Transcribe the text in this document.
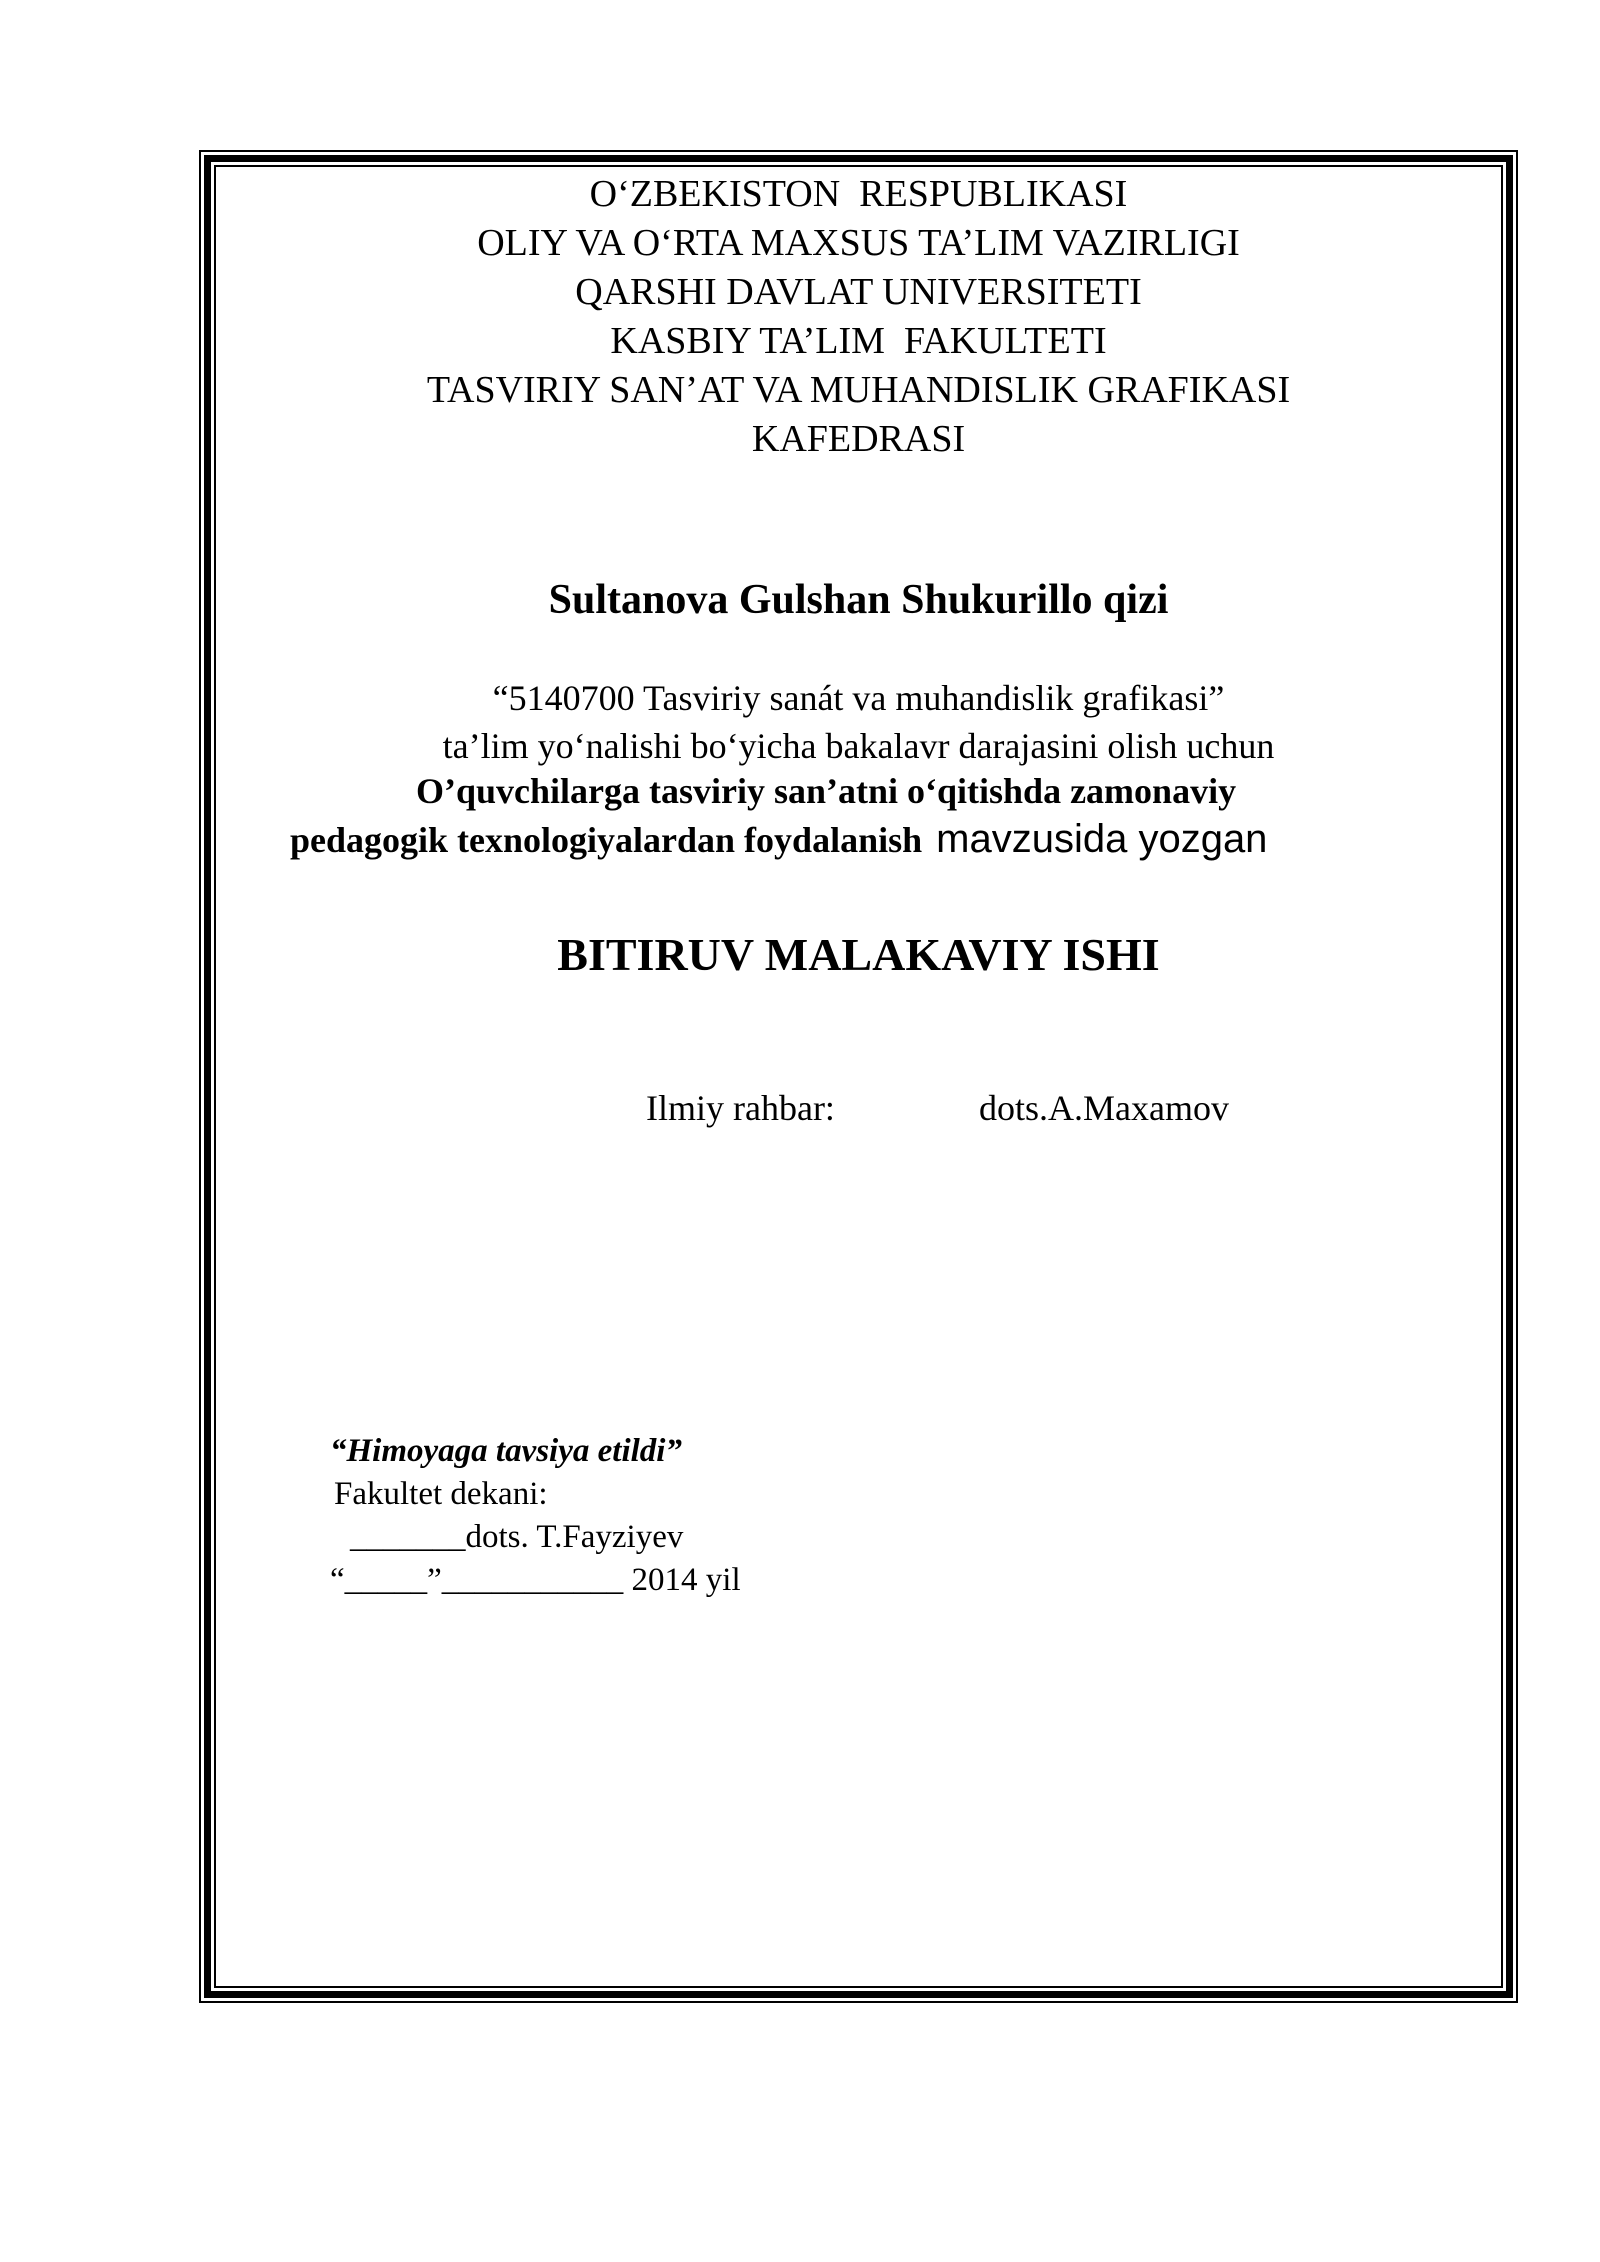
O‘ZBEKISTON  RESPUBLIKASI
OLIY VA O‘RTA MAXSUS TA’LIM VAZIRLIGI
QARSHI DAVLAT UNIVERSITETI
KASBIY TA’LIM  FAKULTETI
TASVIRIY SAN’AT VA MUHANDISLIK GRAFIKASI
KAFEDRASI
Sultanova Gulshan Shukurillo qizi
“5140700 Tasviriy sanát va muhandislik grafikasi”
ta’lim yo‘nalishi bo‘yicha bakalavr darajasini olish uchun
O’quvchilarga tasviriy san’atni o‘qitishda zamonaviy
pedagogik texnologiyalardan foydalanish mavzusida yozgan
BITIRUV MALAKAVIY ISHI
Ilmiy rahbar:	dots.A.Maxamov
“Himoyaga tavsiya etildi”
Fakultet dekani:
_______dots. T.Fayziyev
“_____”___________ 2014 yil
